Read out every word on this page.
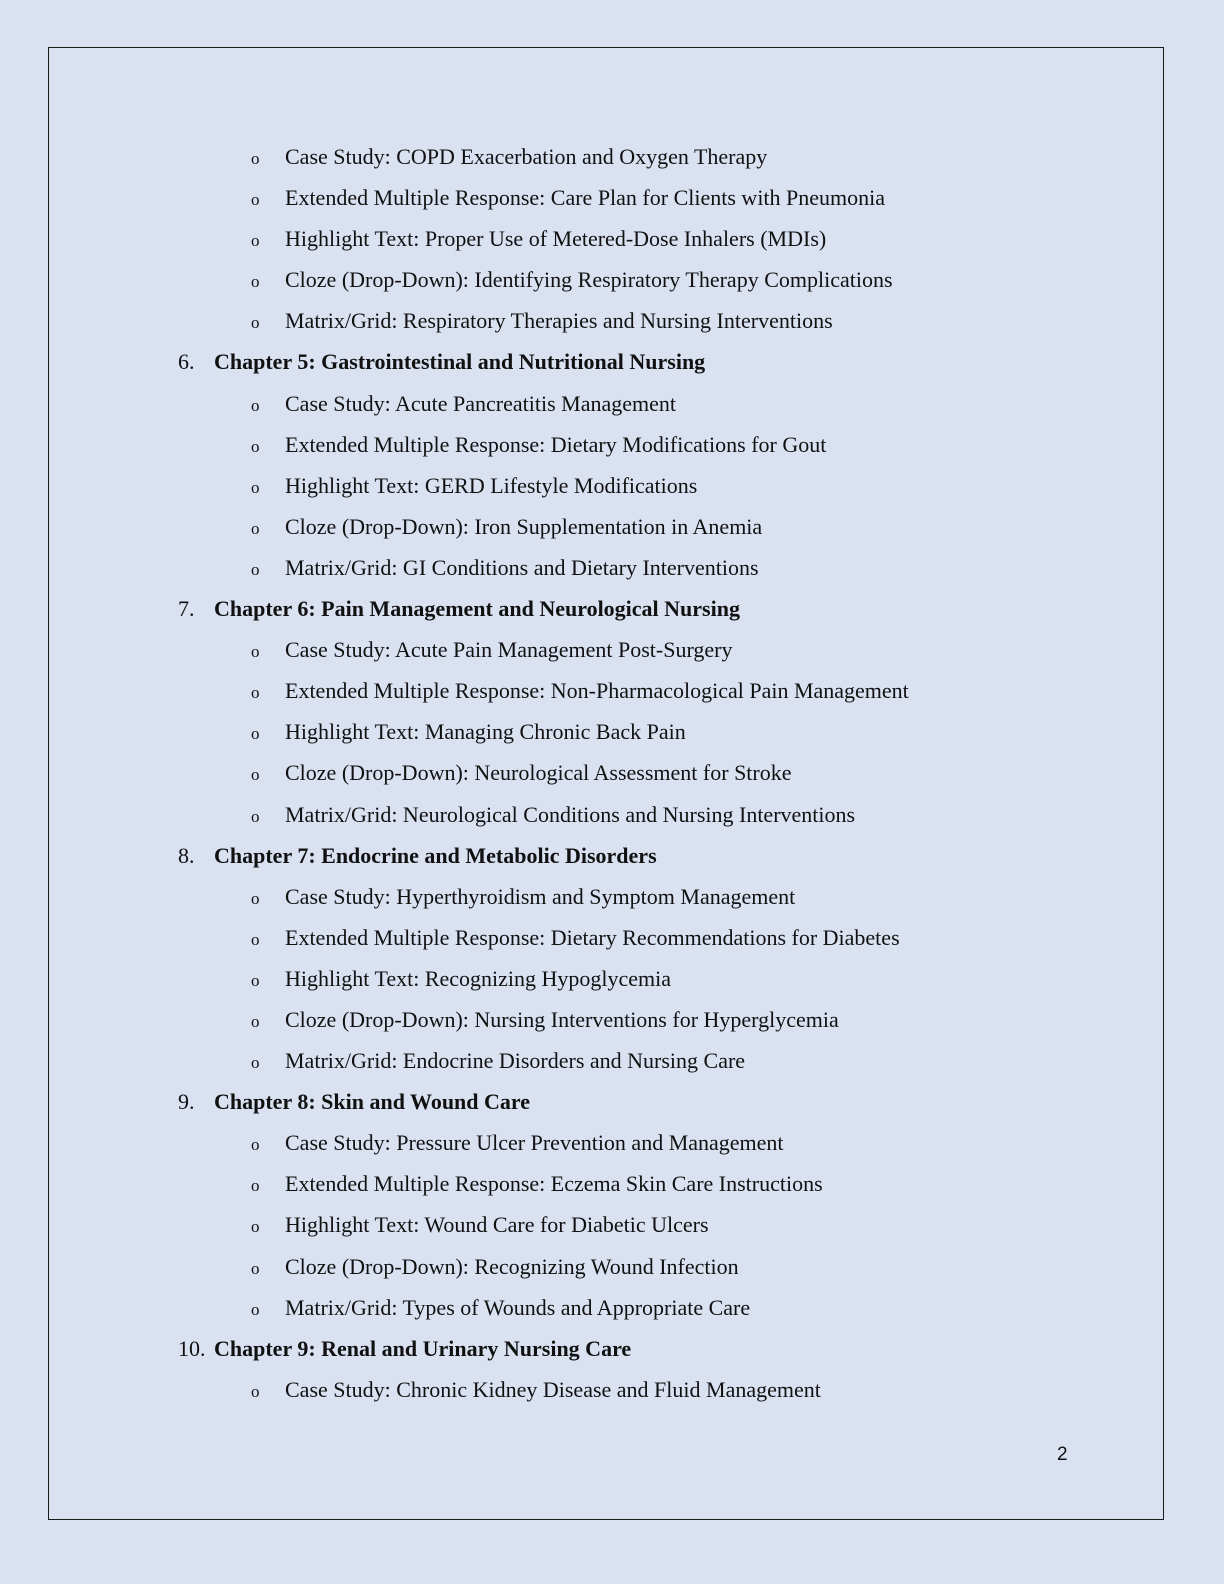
o Case Study: COPD Exacerbation and Oxygen Therapy
o Extended Multiple Response: Care Plan for Clients with Pneumonia
o Highlight Text: Proper Use of Metered-Dose Inhalers (MDIs)
o Cloze (Drop-Down): Identifying Respiratory Therapy Complications
o Matrix/Grid: Respiratory Therapies and Nursing Interventions
6. Chapter 5: Gastrointestinal and Nutritional Nursing
o Case Study: Acute Pancreatitis Management
o Extended Multiple Response: Dietary Modifications for Gout
o Highlight Text: GERD Lifestyle Modifications
o Cloze (Drop-Down): Iron Supplementation in Anemia
o Matrix/Grid: GI Conditions and Dietary Interventions
7. Chapter 6: Pain Management and Neurological Nursing
o Case Study: Acute Pain Management Post-Surgery
o Extended Multiple Response: Non-Pharmacological Pain Management
o Highlight Text: Managing Chronic Back Pain
o Cloze (Drop-Down): Neurological Assessment for Stroke
o Matrix/Grid: Neurological Conditions and Nursing Interventions
8. Chapter 7: Endocrine and Metabolic Disorders
o Case Study: Hyperthyroidism and Symptom Management
o Extended Multiple Response: Dietary Recommendations for Diabetes
o Highlight Text: Recognizing Hypoglycemia
o Cloze (Drop-Down): Nursing Interventions for Hyperglycemia
o Matrix/Grid: Endocrine Disorders and Nursing Care
9. Chapter 8: Skin and Wound Care
o Case Study: Pressure Ulcer Prevention and Management
o Extended Multiple Response: Eczema Skin Care Instructions
o Highlight Text: Wound Care for Diabetic Ulcers
o Cloze (Drop-Down): Recognizing Wound Infection
o Matrix/Grid: Types of Wounds and Appropriate Care
10. Chapter 9: Renal and Urinary Nursing Care
o Case Study: Chronic Kidney Disease and Fluid Management
2
